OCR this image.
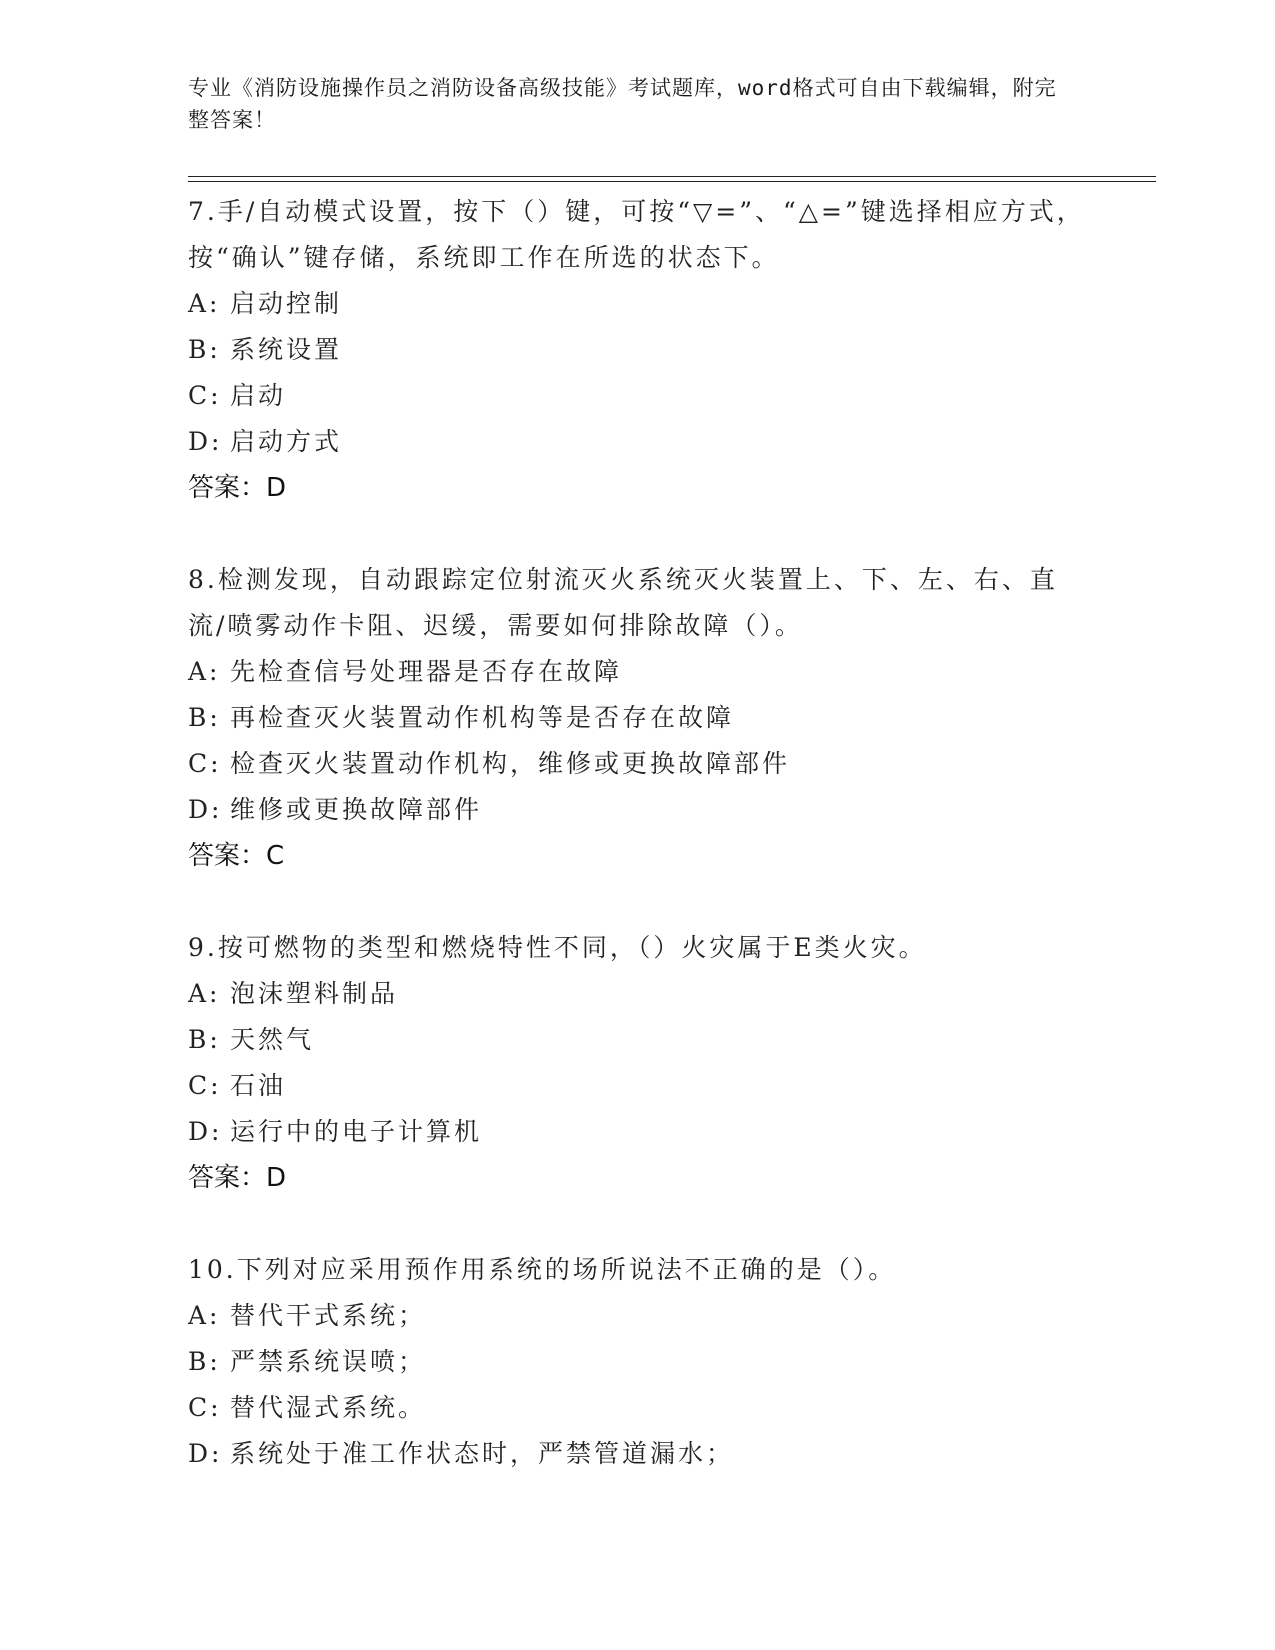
专业《消防设施操作员之消防设备高级技能》考试题库，word格式可自由下载编辑，附完整答案！
7.手/自动模式设置，按下（）键，可按“▽=”、“△=”键选择相应方式，按“确认”键存储，系统即工作在所选的状态下。
A: 启动控制
B: 系统设置
C: 启动
D: 启动方式
答案：D
8.检测发现，自动跟踪定位射流灭火系统灭火装置上、下、左、右、直流/喷雾动作卡阻、迟缓，需要如何排除故障（）。
A: 先检查信号处理器是否存在故障
B: 再检查灭火装置动作机构等是否存在故障
C: 检查灭火装置动作机构，维修或更换故障部件
D: 维修或更换故障部件
答案：C
9.按可燃物的类型和燃烧特性不同，（）火灾属于E类火灾。
A: 泡沫塑料制品
B: 天然气
C: 石油
D: 运行中的电子计算机
答案：D
10.下列对应采用预作用系统的场所说法不正确的是（）。
A: 替代干式系统；
B: 严禁系统误喷；
C: 替代湿式系统。
D: 系统处于准工作状态时，严禁管道漏水；
